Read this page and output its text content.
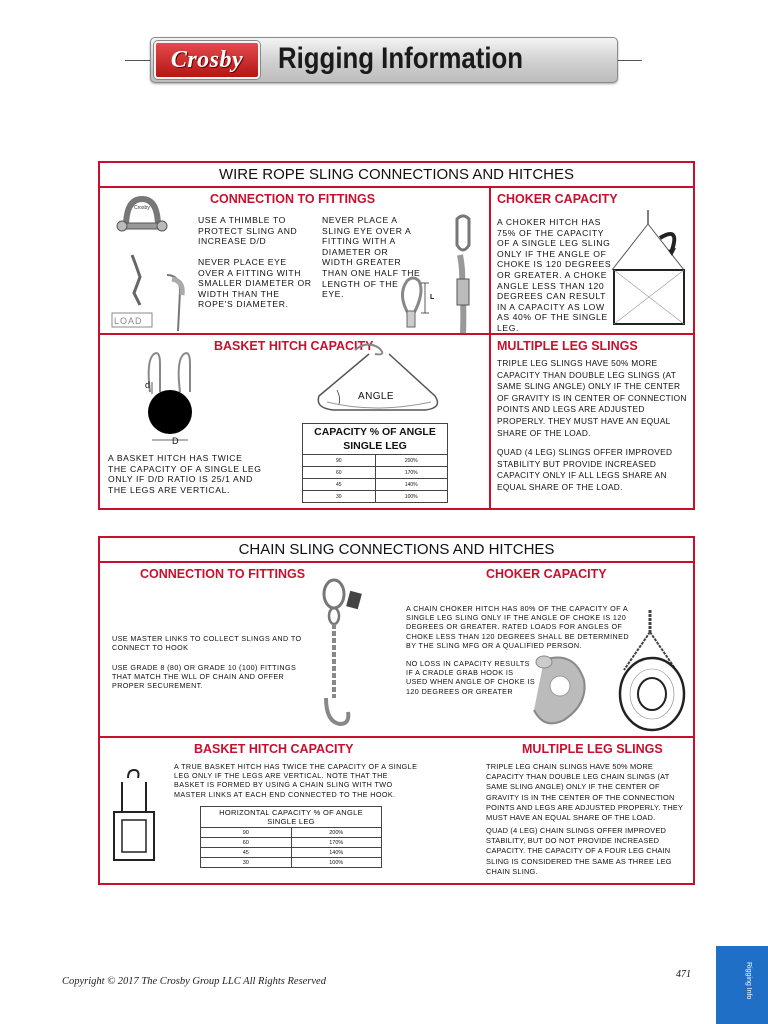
Crosby	Rigging Information
WIRE ROPE SLING CONNECTIONS AND HITCHES
CONNECTION TO FITTINGS
Crosby
LOAD
USE A THIMBLE TO PROTECT SLING AND INCREASE D/D
NEVER PLACE EYE OVER A FITTING WITH SMALLER DIAMETER OR WIDTH THAN THE ROPE'S DIAMETER.
NEVER PLACE A SLING EYE OVER A FITTING WITH A DIAMETER OR WIDTH GREATER THAN ONE HALF THE LENGTH OF THE EYE.	L
CHOKER CAPACITY
A CHOKER HITCH HAS 75% OF THE CAPACITY OF A SINGLE LEG SLING ONLY IF THE ANGLE OF CHOKE IS 120 DEGREES OR GREATER. A CHOKE ANGLE LESS THAN 120 DEGREES CAN RESULT IN A CAPACITY AS LOW AS 40% OF THE SINGLE LEG.
BASKET HITCH CAPACITY
d
D
ANGLE
A BASKET HITCH HAS TWICE THE CAPACITY OF A SINGLE LEG ONLY IF D/D RATIO IS 25/1 AND THE LEGS ARE VERTICAL.
CAPACITY % OF ANGLE SINGLE LEG	
90	200%
60	170%
45	140%
30	100%
MULTIPLE LEG SLINGS
TRIPLE LEG SLINGS HAVE 50% MORE CAPACITY THAN DOUBLE LEG SLINGS (AT SAME SLING ANGLE) ONLY IF THE CENTER OF GRAVITY IS IN CENTER OF CONNECTION POINTS AND LEGS ARE ADJUSTED PROPERLY. THEY MUST HAVE AN EQUAL SHARE OF THE LOAD.
QUAD (4 LEG) SLINGS OFFER IMPROVED STABILITY BUT PROVIDE INCREASED CAPACITY ONLY IF ALL LEGS SHARE AN EQUAL SHARE OF THE LOAD.
CHAIN SLING CONNECTIONS AND HITCHES
CONNECTION TO FITTINGS
USE MASTER LINKS TO COLLECT SLINGS AND TO CONNECT TO HOOK
USE GRADE 8 (80) OR GRADE 10 (100) FITTINGS THAT MATCH THE WLL OF CHAIN AND OFFER PROPER SECUREMENT.
CHOKER CAPACITY
A CHAIN CHOKER HITCH HAS 80% OF THE CAPACITY OF A SINGLE LEG SLING ONLY IF THE ANGLE OF CHOKE IS 120 DEGREES OR GREATER. RATED LOADS FOR ANGLES OF CHOKE LESS THAN 120 DEGREES SHALL BE DETERMINED BY THE SLING MFG OR A QUALIFIED PERSON.
NO LOSS IN CAPACITY RESULTS IF A CRADLE GRAB HOOK IS USED WHEN ANGLE OF CHOKE IS 120 DEGREES OR GREATER
BASKET HITCH CAPACITY
A TRUE BASKET HITCH HAS TWICE THE CAPACITY OF A SINGLE LEG ONLY IF THE LEGS ARE VERTICAL. NOTE THAT THE BASKET IS FORMED BY USING A CHAIN SLING WITH TWO MASTER LINKS AT EACH END CONNECTED TO THE HOOK.
HORIZONTAL CAPACITY % OF ANGLE SINGLE LEG	
90	200%
60	170%
45	140%
30	100%
MULTIPLE LEG SLINGS
TRIPLE LEG CHAIN SLINGS HAVE 50% MORE CAPACITY THAN DOUBLE LEG CHAIN SLINGS (AT SAME SLING ANGLE) ONLY IF THE CENTER OF GRAVITY IS IN THE CENTER OF THE CONNECTION POINTS AND LEGS ARE ADJUSTED PROPERLY. THEY MUST HAVE AN EQUAL SHARE OF THE LOAD.
QUAD (4 LEG) CHAIN SLINGS OFFER IMPROVED STABILITY, BUT DO NOT PROVIDE INCREASED CAPACITY. THE CAPACITY OF A FOUR LEG CHAIN SLING IS CONSIDERED THE SAME AS THREE LEG CHAIN SLING.
Copyright © 2017 The Crosby Group LLC All Rights Reserved
471	Rigging Info
